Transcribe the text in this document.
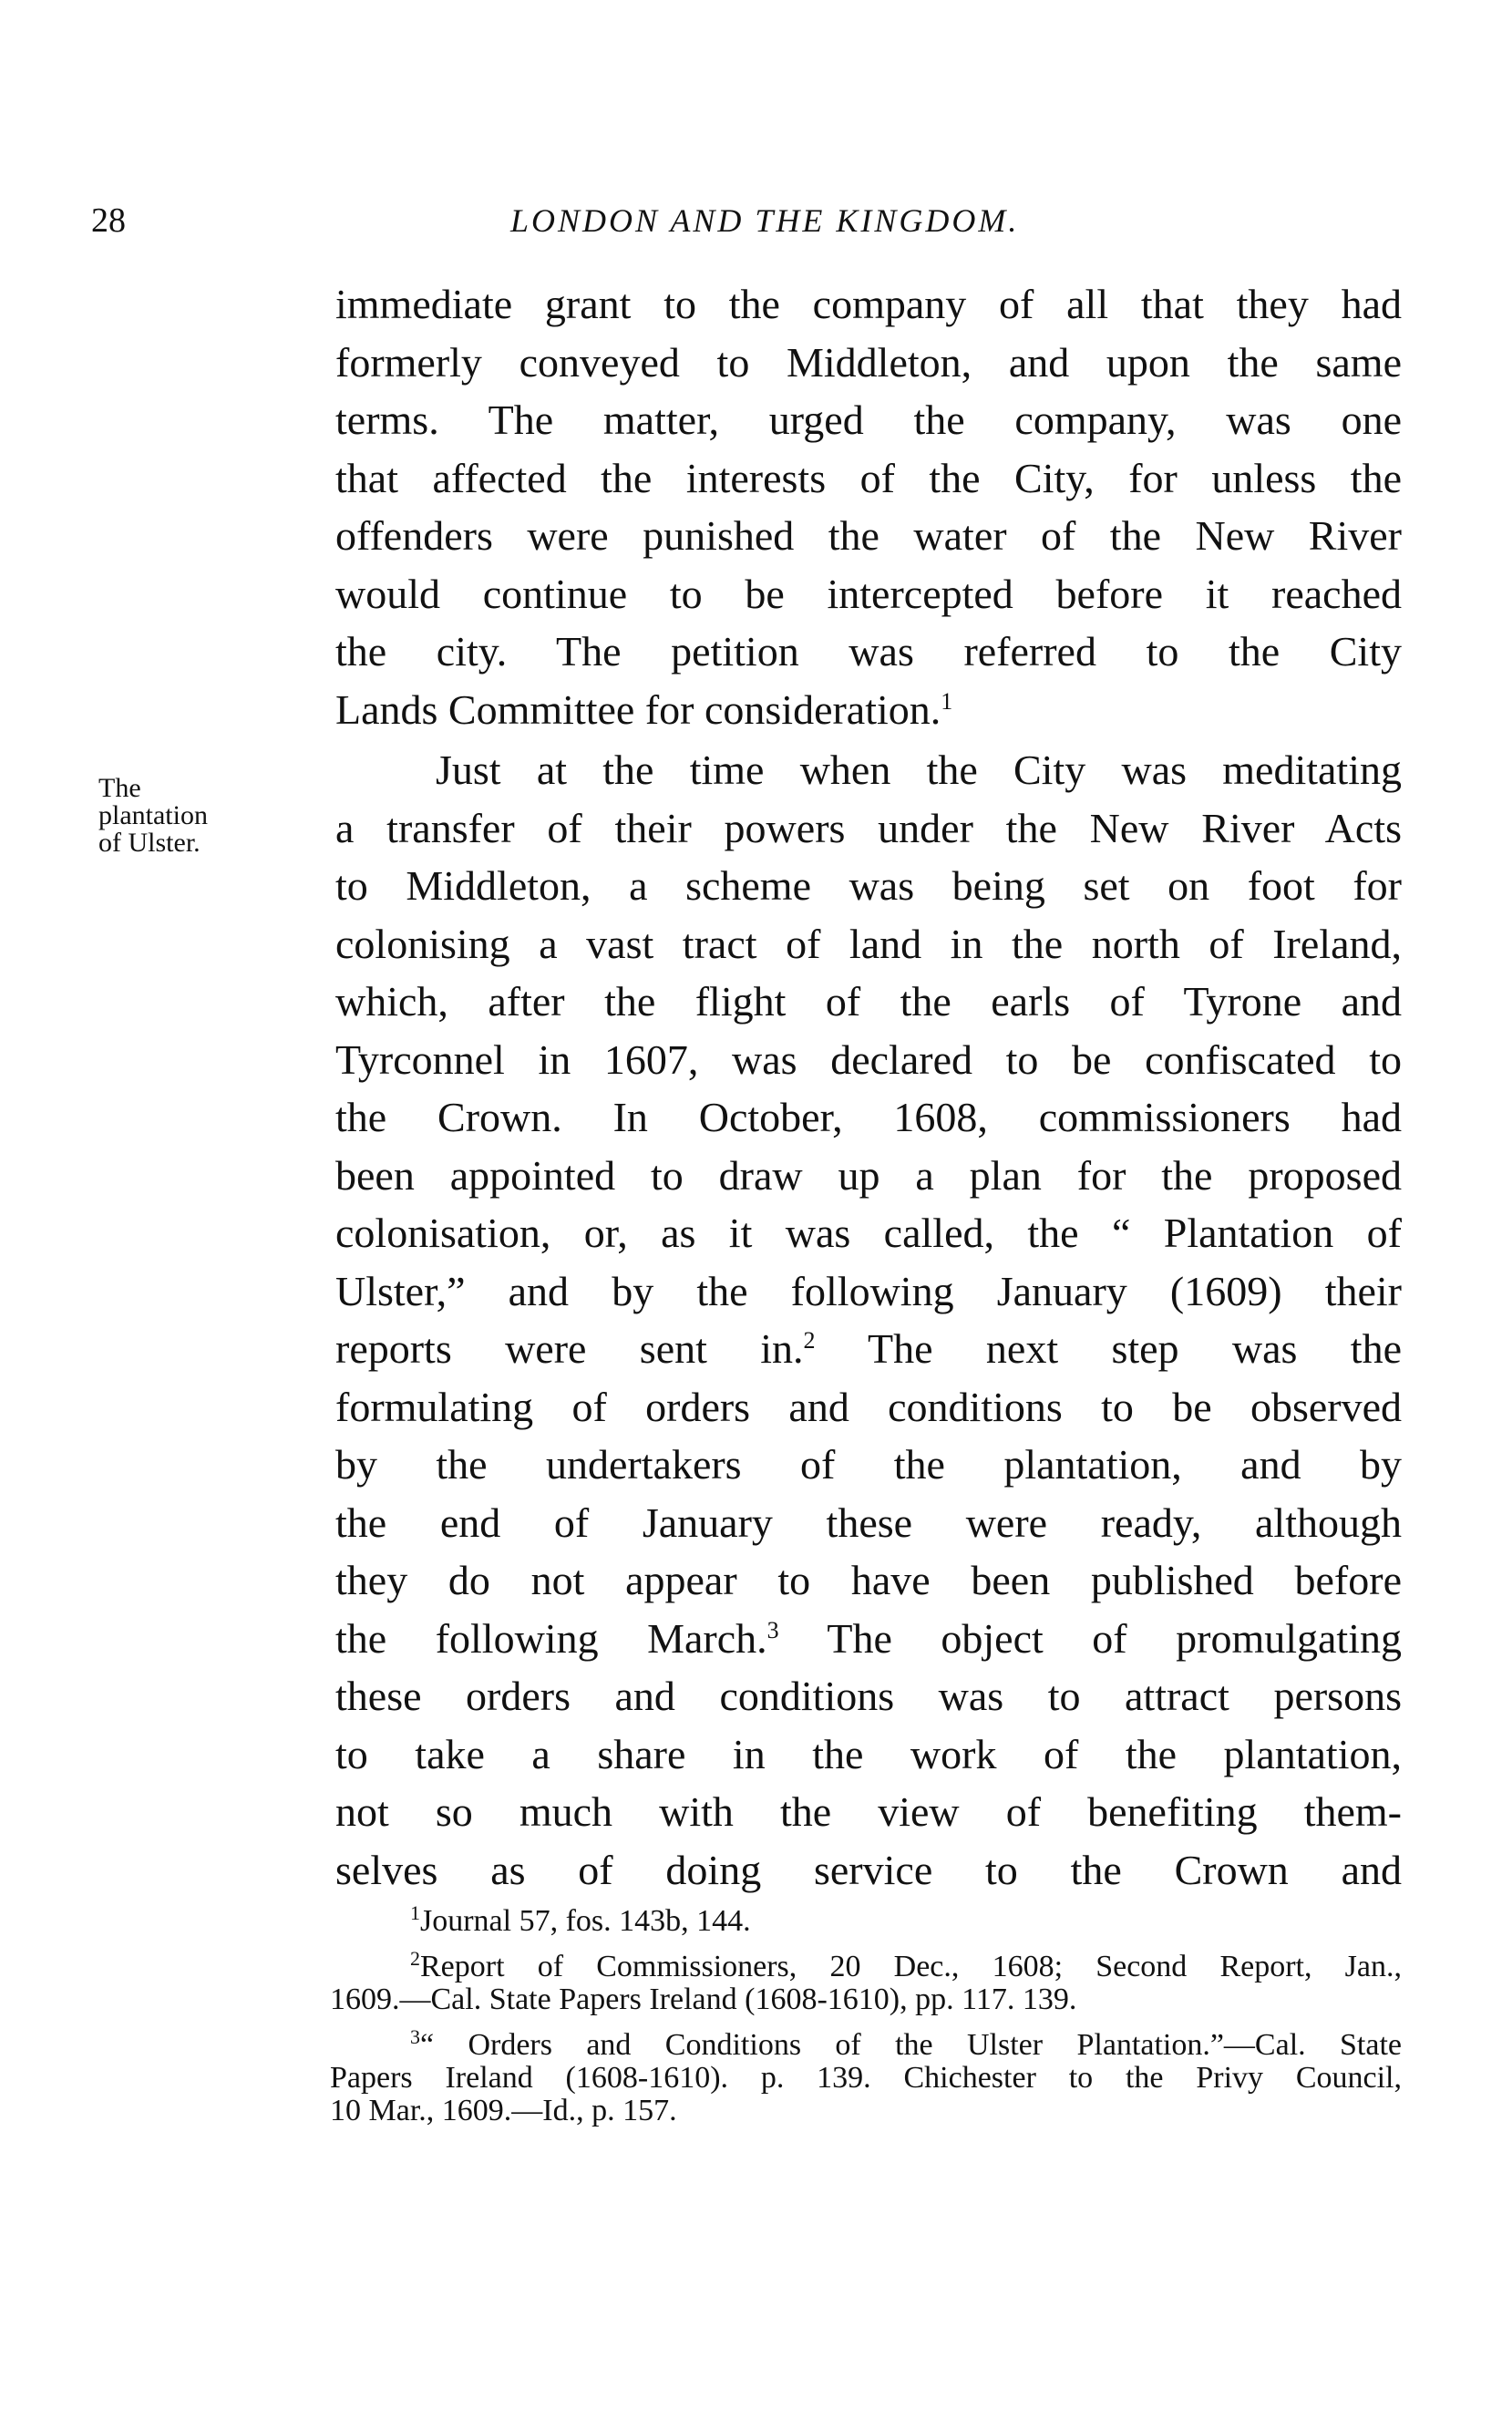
28	LONDON AND THE KINGDOM.
The
plantation
of Ulster.
immediate grant to the company of all that they had
formerly conveyed to Middleton, and upon the same
terms. The matter, urged the company, was one
that affected the interests of the City, for unless the
offenders were punished the water of the New River
would continue to be intercepted before it reached
the city. The petition was referred to the City
Lands Committee for consideration.$^1$
Just at the time when the City was meditating
a transfer of their powers under the New River Acts
to Middleton, a scheme was being set on foot for
colonising a vast tract of land in the north of Ireland,
which, after the flight of the earls of Tyrone and
Tyrconnel in 1607, was declared to be confiscated to
the Crown. In October, 1608, commissioners had
been appointed to draw up a plan for the proposed
colonisation, or, as it was called, the “ Plantation of
Ulster,” and by the following January (1609) their
reports were sent in.$^2$ The next step was the
formulating of orders and conditions to be observed
by the undertakers of the plantation, and by
the end of January these were ready, although
they do not appear to have been published before
the following March.$^3$ The object of promulgating
these orders and conditions was to attract persons
to take a share in the work of the plantation,
not so much with the view of benefiting them-
selves as of doing service to the Crown and
$^1$Journal 57, fos. 143b, 144.
$^2$Report of Commissioners, 20 Dec., 1608; Second Report, Jan.,
1609.—Cal. State Papers Ireland (1608-1610), pp. 117. 139.
$^3$“ Orders and Conditions of the Ulster Plantation.”—Cal. State
Papers Ireland (1608-1610). p. 139. Chichester to the Privy Council,
10 Mar., 1609.—Id., p. 157.
